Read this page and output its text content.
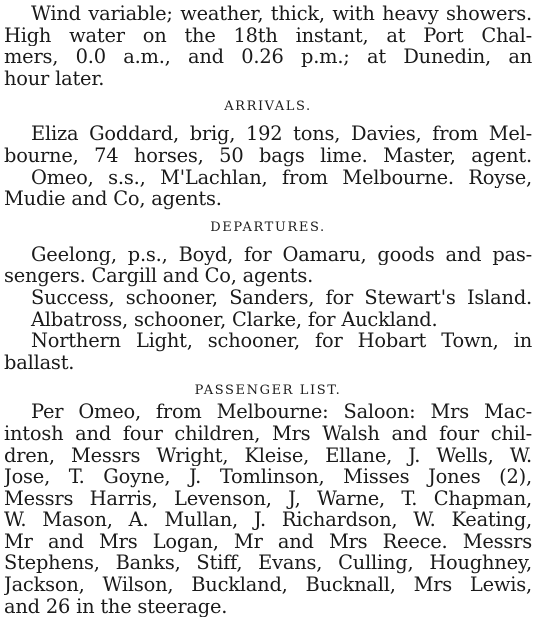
Wind variable; weather, thick, with heavy showers.
High water on the 18th instant, at Port Chal-
mers, 0.0 a.m., and 0.26 p.m.; at Dunedin, an
hour later.
ARRIVALS.
Eliza Goddard, brig, 192 tons, Davies, from Mel-
bourne, 74 horses, 50 bags lime. Master, agent.
Omeo, s.s., M'Lachlan, from Melbourne. Royse,
Mudie and Co, agents.
DEPARTURES.
Geelong, p.s., Boyd, for Oamaru, goods and pas-
sengers. Cargill and Co, agents.
Success, schooner, Sanders, for Stewart's Island.
Albatross, schooner, Clarke, for Auckland.
Northern Light, schooner, for Hobart Town, in
ballast.
PASSENGER LIST.
Per Omeo, from Melbourne: Saloon: Mrs Mac-
intosh and four children, Mrs Walsh and four chil-
dren, Messrs Wright, Kleise, Ellane, J. Wells, W.
Jose, T. Goyne, J. Tomlinson, Misses Jones (2),
Messrs Harris, Levenson, J, Warne, T. Chapman,
W. Mason, A. Mullan, J. Richardson, W. Keating,
Mr and Mrs Logan, Mr and Mrs Reece. Messrs
Stephens, Banks, Stiff, Evans, Culling, Houghney,
Jackson, Wilson, Buckland, Bucknall, Mrs Lewis,
and 26 in the steerage.
